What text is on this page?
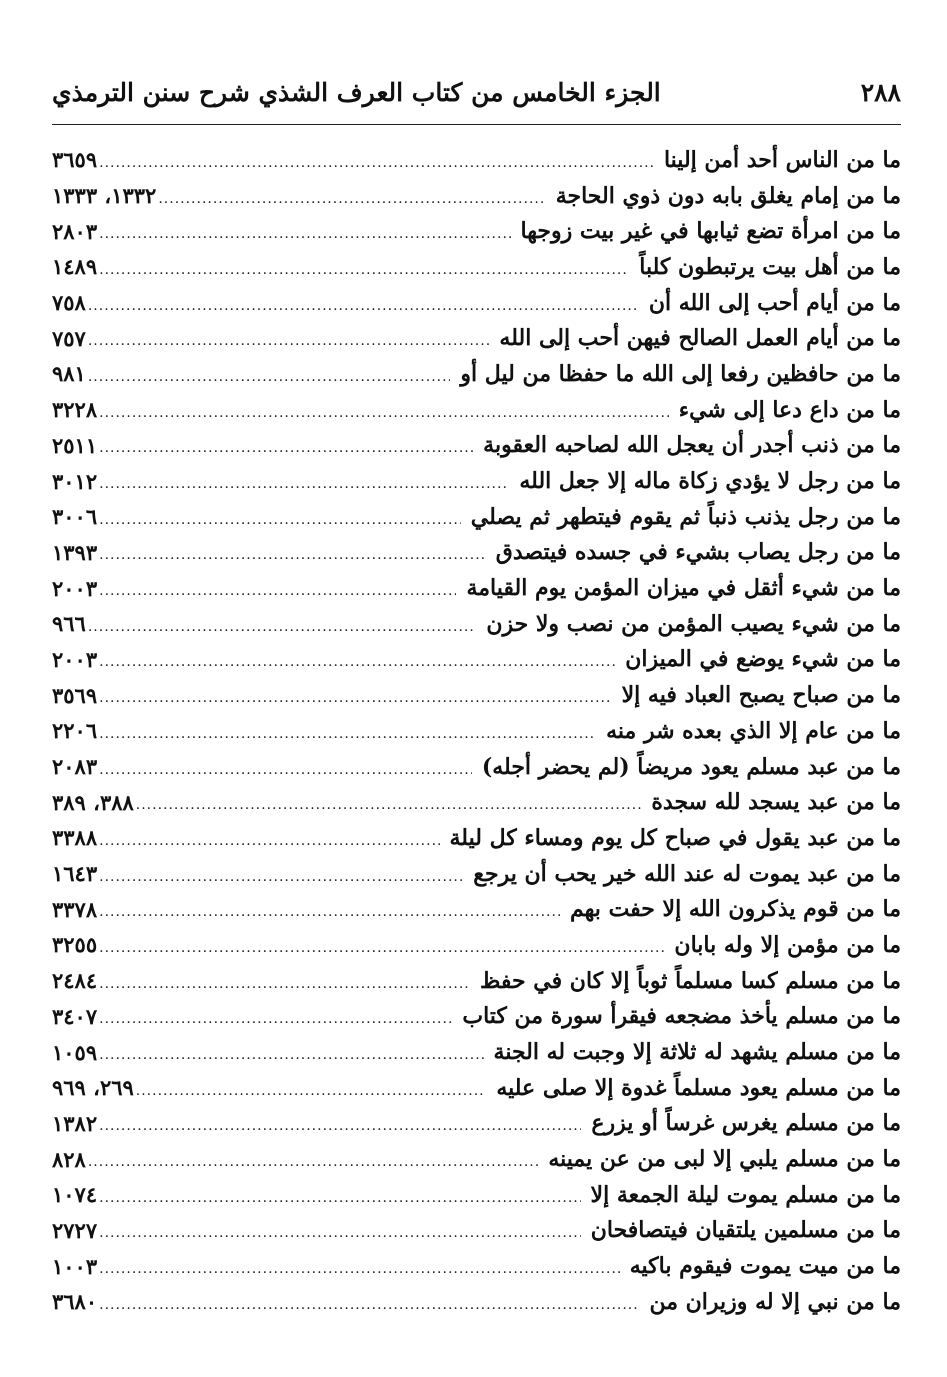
٢٨٨
الجزء الخامس من كتاب العرف الشذي شرح سنن الترمذي
ما من الناس أحد أمن إلينا
.....
٣٦٥٩
ما من إمام يغلق بابه دون ذوي الحاجة
.....
١٣٣٢، ١٣٣٣
ما من امرأة تضع ثيابها في غير بيت زوجها
.....
٢٨٠٣
ما من أهل بيت يرتبطون كلباً
.....
١٤٨٩
ما من أيام أحب إلى الله أن
.....
٧٥٨
ما من أيام العمل الصالح فيهن أحب إلى الله
.....
٧٥٧
ما من حافظين رفعا إلى الله ما حفظا من ليل أو
.....
٩٨١
ما من داع دعا إلى شيء
.....
٣٢٢٨
ما من ذنب أجدر أن يعجل الله لصاحبه العقوبة
.....
٢٥١١
ما من رجل لا يؤدي زكاة ماله إلا جعل الله
.....
٣٠١٢
ما من رجل يذنب ذنباً ثم يقوم فيتطهر ثم يصلي
.....
٣٠٠٦
ما من رجل يصاب بشيء في جسده فيتصدق
.....
١٣٩٣
ما من شيء أثقل في ميزان المؤمن يوم القيامة
.....
٢٠٠٣
ما من شيء يصيب المؤمن من نصب ولا حزن
.....
٩٦٦
ما من شيء يوضع في الميزان
.....
٢٠٠٣
ما من صباح يصبح العباد فيه إلا
.....
٣٥٦٩
ما من عام إلا الذي بعده شر منه
.....
٢٢٠٦
ما من عبد مسلم يعود مريضاً (لم يحضر أجله)
.....
٢٠٨٣
ما من عبد يسجد لله سجدة
.....
٣٨٨، ٣٨٩
ما من عبد يقول في صباح كل يوم ومساء كل ليلة
.....
٣٣٨٨
ما من عبد يموت له عند الله خير يحب أن يرجع
.....
١٦٤٣
ما من قوم يذكرون الله إلا حفت بهم
.....
٣٣٧٨
ما من مؤمن إلا وله بابان
.....
٣٢٥٥
ما من مسلم كسا مسلماً ثوباً إلا كان في حفظ
.....
٢٤٨٤
ما من مسلم يأخذ مضجعه فيقرأ سورة من كتاب
.....
٣٤٠٧
ما من مسلم يشهد له ثلاثة إلا وجبت له الجنة
.....
١٠٥٩
ما من مسلم يعود مسلماً غدوة إلا صلى عليه
.....
٢٦٩، ٩٦٩
ما من مسلم يغرس غرساً أو يزرع
.....
١٣٨٢
ما من مسلم يلبي إلا لبى من عن يمينه
.....
٨٢٨
ما من مسلم يموت ليلة الجمعة إلا
.....
١٠٧٤
ما من مسلمين يلتقيان فيتصافحان
.....
٢٧٢٧
ما من ميت يموت فيقوم باكيه
.....
١٠٠٣
ما من نبي إلا له وزيران من
.....
٣٦٨٠
